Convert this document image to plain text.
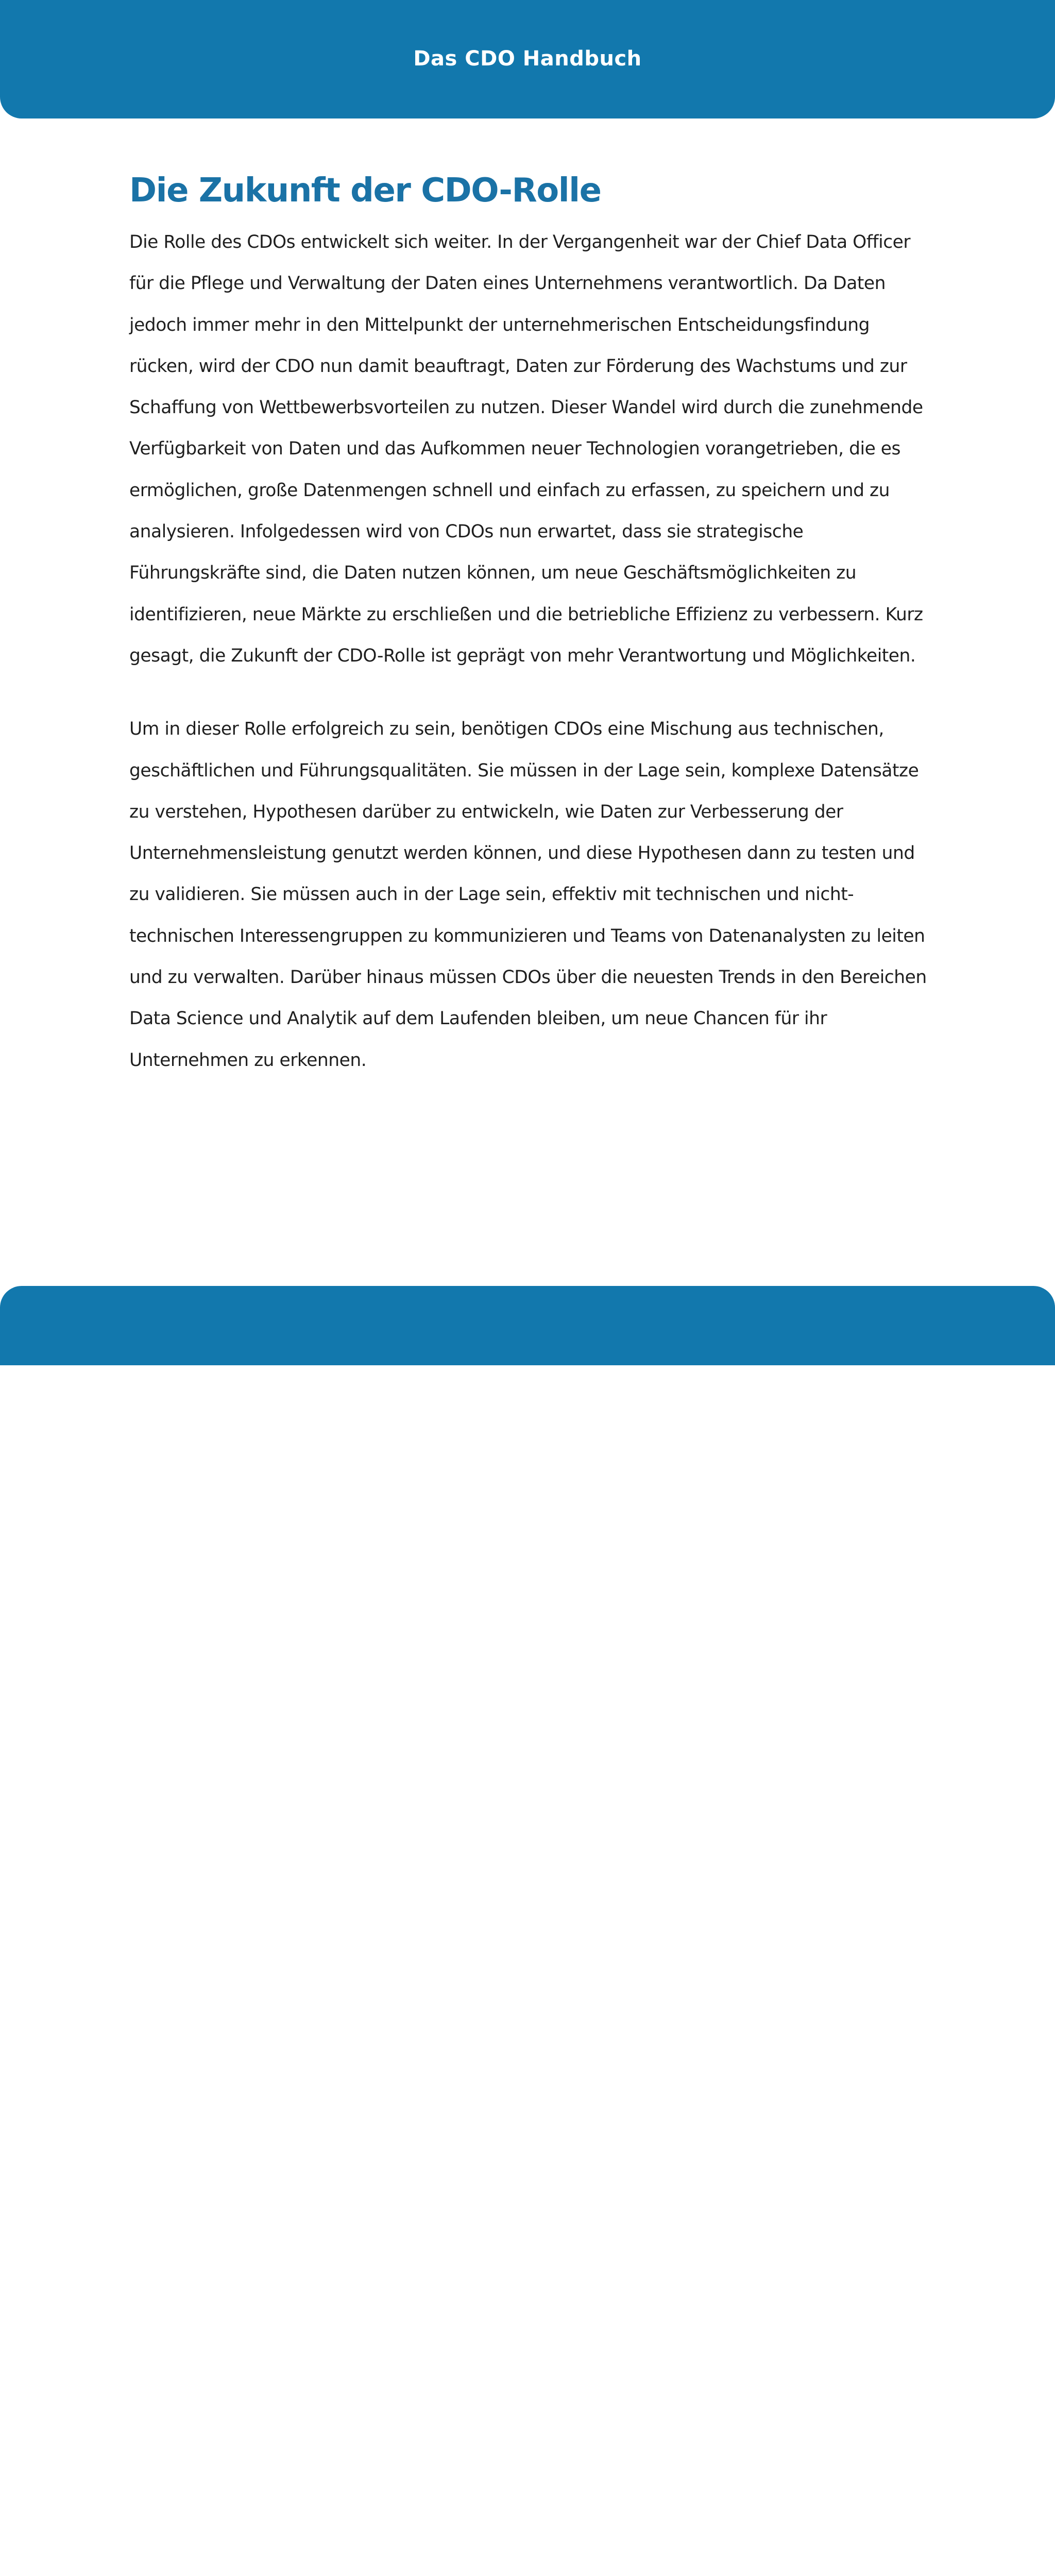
Das CDO Handbuch
Die Zukunft der CDO-Rolle

Die Rolle des CDOs entwickelt sich weiter. In der Vergangenheit war der Chief Data Officer für die Pflege und Verwaltung der Daten eines Unternehmens verantwortlich. Da Daten jedoch immer mehr in den Mittelpunkt der unternehmerischen Entscheidungsfindung rücken, wird der CDO nun damit beauftragt, Daten zur Förderung des Wachstums und zur Schaffung von Wettbewerbsvorteilen zu nutzen. Dieser Wandel wird durch die zunehmende Verfügbarkeit von Daten und das Aufkommen neuer Technologien vorangetrieben, die es ermöglichen, große Datenmengen schnell und einfach zu erfassen, zu speichern und zu analysieren. Infolgedessen wird von CDOs nun erwartet, dass sie strategische Führungskräfte sind, die Daten nutzen können, um neue Geschäftsmöglichkeiten zu identifizieren, neue Märkte zu erschließen und die betriebliche Effizienz zu verbessern. Kurz gesagt, die Zukunft der CDO-Rolle ist geprägt von mehr Verantwortung und Möglichkeiten.

Um in dieser Rolle erfolgreich zu sein, benötigen CDOs eine Mischung aus technischen, geschäftlichen und Führungsqualitäten. Sie müssen in der Lage sein, komplexe Datensätze zu verstehen, Hypothesen darüber zu entwickeln, wie Daten zur Verbesserung der Unternehmensleistung genutzt werden können, und diese Hypothesen dann zu testen und zu validieren. Sie müssen auch in der Lage sein, effektiv mit technischen und nicht-technischen Interessengruppen zu kommunizieren und Teams von Datenanalysten zu leiten und zu verwalten. Darüber hinaus müssen CDOs über die neuesten Trends in den Bereichen Data Science und Analytik auf dem Laufenden bleiben, um neue Chancen für ihr Unternehmen zu erkennen.
